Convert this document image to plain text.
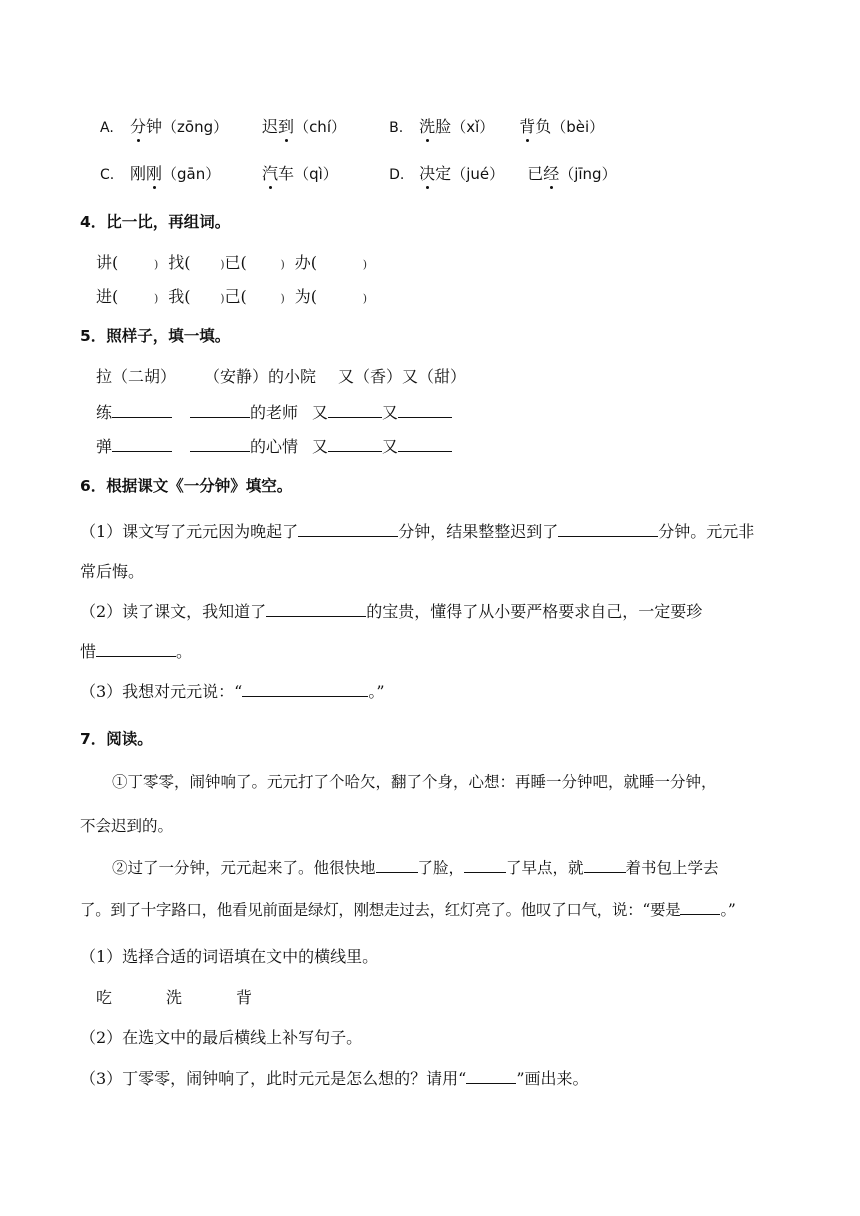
A. 分钟（zōng） 迟到（chí）	B. 洗脸（xǐ） 背负（bèi）
C. 刚刚（gān）	汽车（qì）	D. 决定（jué） 已经（jīng）
4．比一比，再组词。
讲(	) 找(	)已(	) 办(	)
进(	) 我(	)己(	) 为(	)
5．照样子，填一填。
拉（二胡） （安静）的小院 又（香）又（甜）
练	的老师 又	又
弹	的心情 又	又
6．根据课文《一分钟》填空。
（1）课文写了元元因为晚起了	分钟，结果整整迟到了	分钟。元元非
常后悔。
（2）读了课文，我知道了	的宝贵，懂得了从小要严格要求自己，一定要珍
惜	。
（3）我想对元元说：“	。”
7．阅读。
①丁零零，闹钟响了。元元打了个哈欠，翻了个身，心想：再睡一分钟吧，就睡一分钟，
不会迟到的。
②过了一分钟，元元起来了。他很快地	了脸，	了早点，就	着书包上学去
了。到了十字路口，他看见前面是绿灯，刚想走过去，红灯亮了。他叹了口气，说：“要是	。”
（1）选择合适的词语填在文中的横线里。
吃	洗	背
（2）在选文中的最后横线上补写句子。
（3）丁零零，闹钟响了，此时元元是怎么想的？请用“	”画出来。
